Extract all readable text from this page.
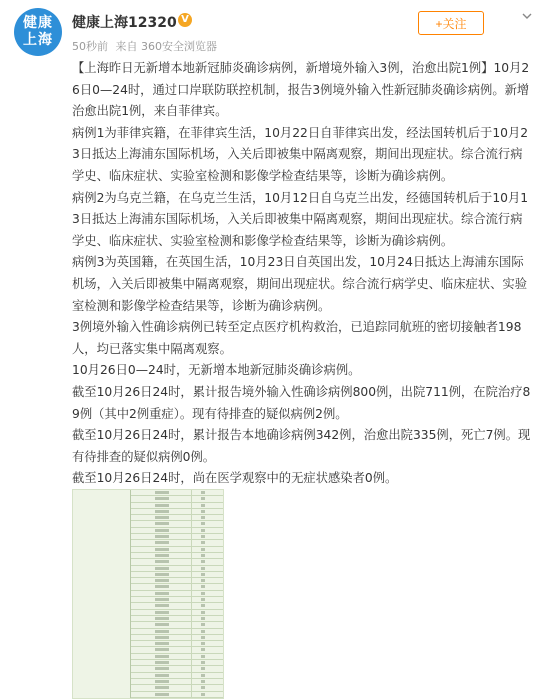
健康
上海
健康上海12320 V
50秒前 来自 360安全浏览器
+关注

【上海昨日无新增本地新冠肺炎确诊病例，新增境外输入3例，治愈出院1例】10月26日0—24时，通过口岸联防联控机制，报告3例境外输入性新冠肺炎确诊病例。新增治愈出院1例，来自菲律宾。

病例1为菲律宾籍，在菲律宾生活，10月22日自菲律宾出发，经法国转机后于10月23日抵达上海浦东国际机场，入关后即被集中隔离观察，期间出现症状。综合流行病学史、临床症状、实验室检测和影像学检查结果等，诊断为确诊病例。

病例2为乌克兰籍，在乌克兰生活，10月12日自乌克兰出发，经德国转机后于10月13日抵达上海浦东国际机场，入关后即被集中隔离观察，期间出现症状。综合流行病学史、临床症状、实验室检测和影像学检查结果等，诊断为确诊病例。

病例3为英国籍，在英国生活，10月23日自英国出发，10月24日抵达上海浦东国际机场，入关后即被集中隔离观察，期间出现症状。综合流行病学史、临床症状、实验室检测和影像学检查结果等，诊断为确诊病例。

3例境外输入性确诊病例已转至定点医疗机构救治，已追踪同航班的密切接触者198人，均已落实集中隔离观察。

10月26日0—24时，无新增本地新冠肺炎确诊病例。

截至10月26日24时，累计报告境外输入性确诊病例800例，出院711例，在院治疗89例（其中2例重症）。现有待排查的疑似病例2例。

截至10月26日24时，累计报告本地确诊病例342例，治愈出院335例，死亡7例。现有待排查的疑似病例0例。

截至10月26日24时，尚在医学观察中的无症状感染者0例。
